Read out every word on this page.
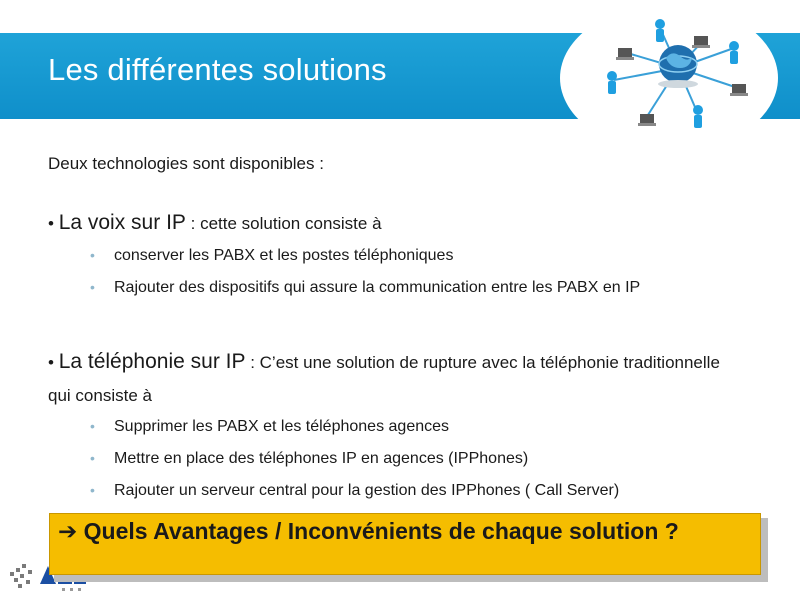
Les différentes solutions
Deux technologies sont disponibles :
• La voix sur IP : cette solution consiste à
• conserver les PABX et les postes téléphoniques
• Rajouter des dispositifs qui assure la communication entre les PABX en IP
• La téléphonie sur IP : C’est une solution de rupture avec la téléphonie traditionnelle qui consiste à
• Supprimer les PABX et les téléphones agences
• Mettre en place des téléphones IP en agences (IPPhones)
• Rajouter un serveur central pour la gestion des IPPhones ( Call Server)
➔ Quels Avantages / Inconvénients de chaque solution ?
